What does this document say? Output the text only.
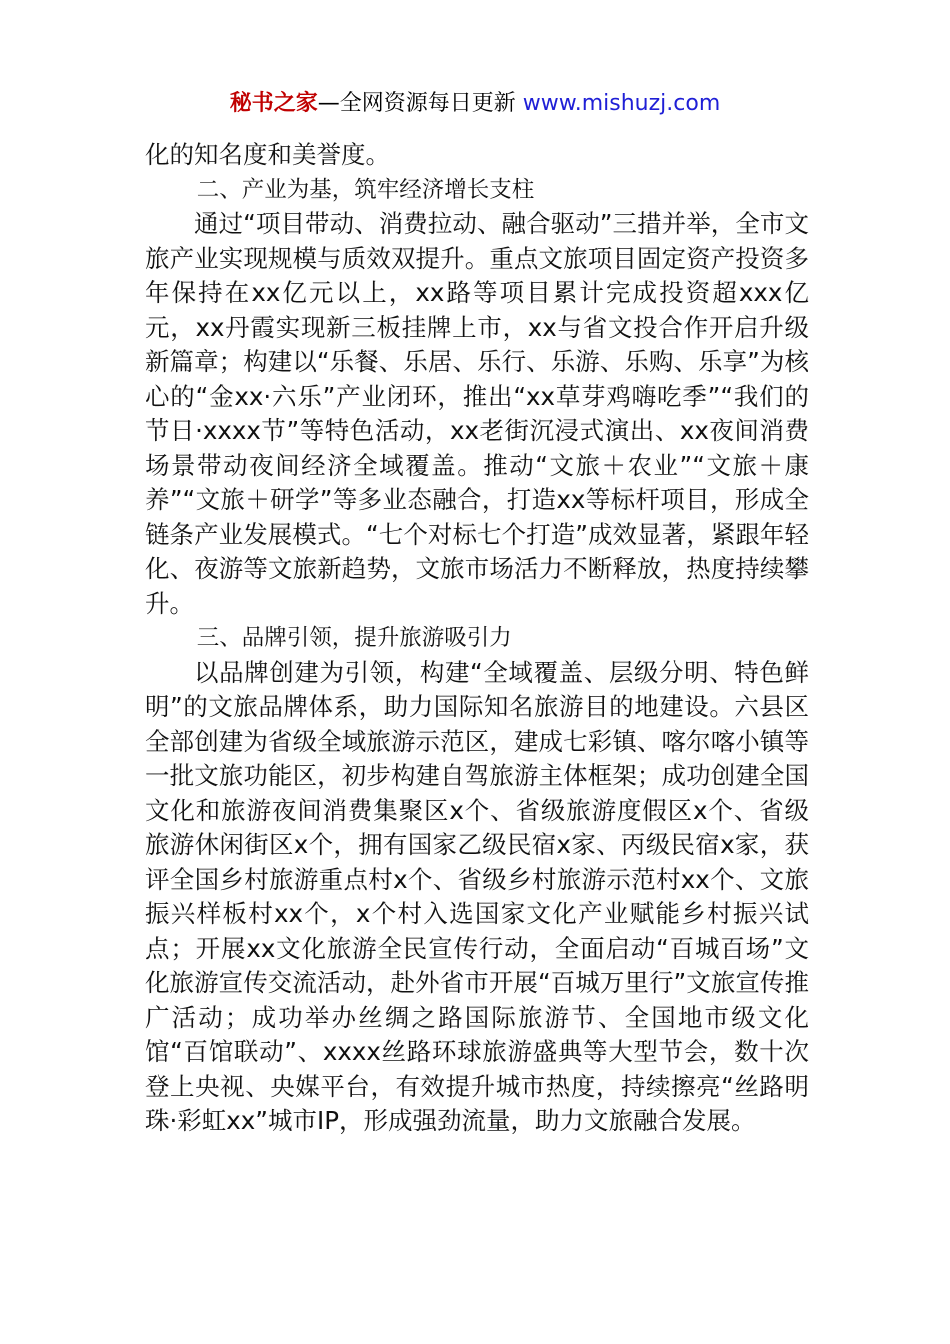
秘书之家—全网资源每日更新 www.mishuzj.com

化的知名度和美誉度。

二、产业为基，筑牢经济增长支柱

通过“项目带动、消费拉动、融合驱动”三措并举，全市文旅产业实现规模与质效双提升。重点文旅项目固定资产投资多年保持在xx亿元以上，xx路等项目累计完成投资超xxx亿元，xx丹霞实现新三板挂牌上市，xx与省文投合作开启升级新篇章；构建以“乐餐、乐居、乐行、乐游、乐购、乐享”为核心的“金xx·六乐”产业闭环，推出“xx草芽鸡嗨吃季”“我们的节日·xxxx节”等特色活动，xx老街沉浸式演出、xx夜间消费场景带动夜间经济全域覆盖。推动“文旅＋农业”“文旅＋康养”“文旅＋研学”等多业态融合，打造xx等标杆项目，形成全链条产业发展模式。“七个对标七个打造”成效显著，紧跟年轻化、夜游等文旅新趋势，文旅市场活力不断释放，热度持续攀升。

三、品牌引领，提升旅游吸引力

以品牌创建为引领，构建“全域覆盖、层级分明、特色鲜明”的文旅品牌体系，助力国际知名旅游目的地建设。六县区全部创建为省级全域旅游示范区，建成七彩镇、喀尔喀小镇等一批文旅功能区，初步构建自驾旅游主体框架；成功创建全国文化和旅游夜间消费集聚区x个、省级旅游度假区x个、省级旅游休闲街区x个，拥有国家乙级民宿x家、丙级民宿x家，获评全国乡村旅游重点村x个、省级乡村旅游示范村xx个、文旅振兴样板村xx个，x个村入选国家文化产业赋能乡村振兴试点；开展xx文化旅游全民宣传行动，全面启动“百城百场”文化旅游宣传交流活动，赴外省市开展“百城万里行”文旅宣传推广活动；成功举办丝绸之路国际旅游节、全国地市级文化馆“百馆联动”、xxxx丝路环球旅游盛典等大型节会，数十次登上央视、央媒平台，有效提升城市热度，持续擦亮“丝路明珠·彩虹xx”城市IP，形成强劲流量，助力文旅融合发展。
